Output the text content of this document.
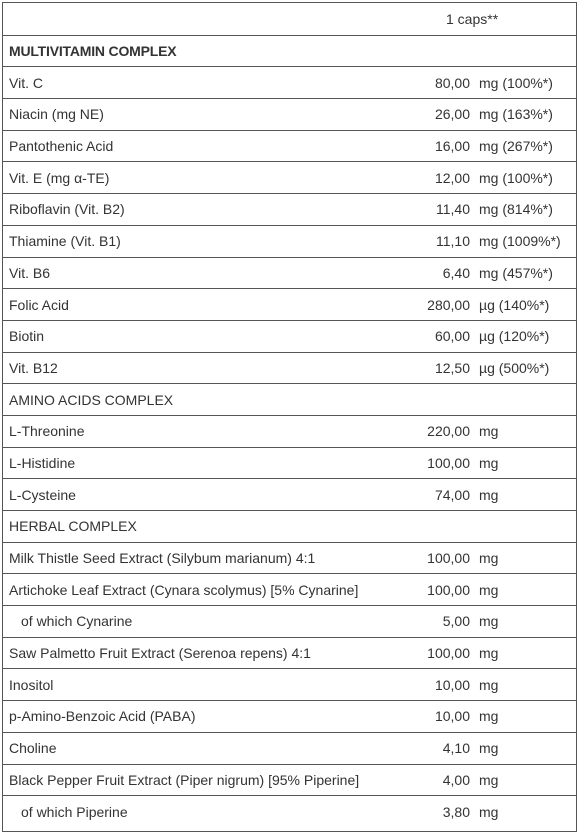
1 caps**
MULTIVITAMIN COMPLEX
Vit. C	80,00 mg (100%*)
Niacin (mg NE)	26,00 mg (163%*)
Pantothenic Acid	16,00 mg (267%*)
Vit. E (mg α-TE)	12,00 mg (100%*)
Riboflavin (Vit. B2)	11,40 mg (814%*)
Thiamine (Vit. B1)	11,10 mg (1009%*)
Vit. B6	6,40 mg (457%*)
Folic Acid	280,00 µg (140%*)
Biotin	60,00 µg (120%*)
Vit. B12	12,50 µg (500%*)
AMINO ACIDS COMPLEX
L-Threonine	220,00 mg
L-Histidine	100,00 mg
L-Cysteine	74,00 mg
HERBAL COMPLEX
Milk Thistle Seed Extract (Silybum marianum) 4:1	100,00 mg
Artichoke Leaf Extract (Cynara scolymus) [5% Cynarine]	100,00 mg
of which Cynarine	5,00 mg
Saw Palmetto Fruit Extract (Serenoa repens) 4:1	100,00 mg
Inositol	10,00 mg
p-Amino-Benzoic Acid (PABA)	10,00 mg
Choline	4,10 mg
Black Pepper Fruit Extract (Piper nigrum) [95% Piperine]	4,00 mg
of which Piperine	3,80 mg
